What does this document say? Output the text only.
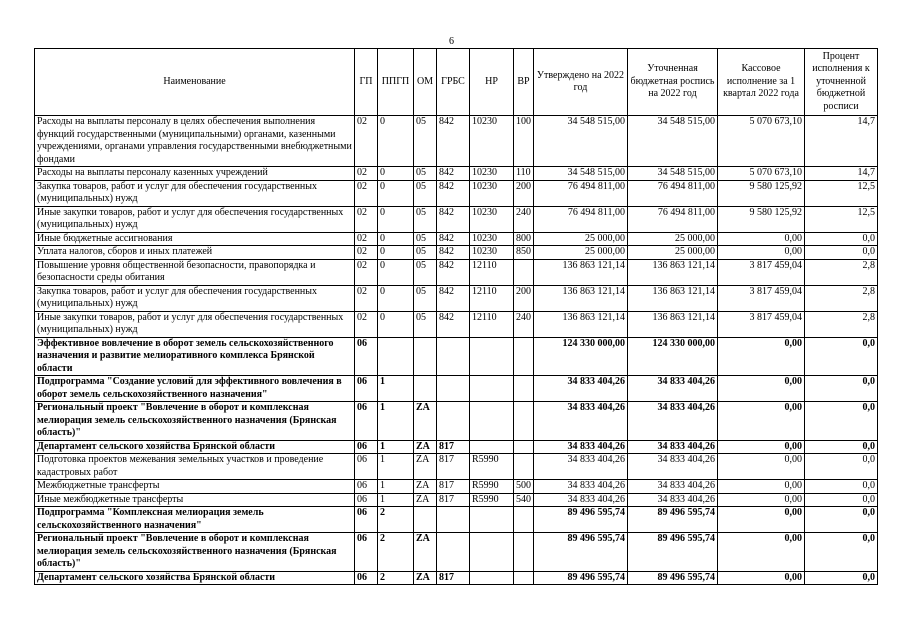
6
Наименование	ГП	ППГП	ОМ	ГРБС	НР	ВР	Утверждено на 2022 год	Уточненная бюджетная роспись на 2022 год	Кассовое исполнение за 1 квартал 2022 года	Процент исполнения к уточненной бюджетной росписи
Расходы на выплаты персоналу в целях обеспечения выполнения функций государственными (муниципальными) органами, казенными учреждениями, органами управления государственными внебюджетными фондами	02	0	05	842	10230	100	34 548 515,00	34 548 515,00	5 070 673,10	14,7
Расходы на выплаты персоналу казенных учреждений	02	0	05	842	10230	110	34 548 515,00	34 548 515,00	5 070 673,10	14,7
Закупка товаров, работ и услуг для обеспечения государственных (муниципальных) нужд	02	0	05	842	10230	200	76 494 811,00	76 494 811,00	9 580 125,92	12,5
Иные закупки товаров, работ и услуг для обеспечения государственных (муниципальных) нужд	02	0	05	842	10230	240	76 494 811,00	76 494 811,00	9 580 125,92	12,5
Иные бюджетные ассигнования	02	0	05	842	10230	800	25 000,00	25 000,00	0,00	0,0
Уплата налогов, сборов и иных платежей	02	0	05	842	10230	850	25 000,00	25 000,00	0,00	0,0
Повышение уровня общественной безопасности, правопорядка и безопасности среды обитания	02	0	05	842	12110		136 863 121,14	136 863 121,14	3 817 459,04	2,8
Закупка товаров, работ и услуг для обеспечения государственных (муниципальных) нужд	02	0	05	842	12110	200	136 863 121,14	136 863 121,14	3 817 459,04	2,8
Иные закупки товаров, работ и услуг для обеспечения государственных (муниципальных) нужд	02	0	05	842	12110	240	136 863 121,14	136 863 121,14	3 817 459,04	2,8
Эффективное вовлечение в оборот земель сельскохозяйственного назначения и развитие мелиоративного комплекса Брянской области	06						124 330 000,00	124 330 000,00	0,00	0,0
Подпрограмма "Создание условий для эффективного вовлечения в оборот земель сельскохозяйственного назначения"	06	1					34 833 404,26	34 833 404,26	0,00	0,0
Региональный проект "Вовлечение в оборот и комплексная мелиорация земель сельскохозяйственного назначения (Брянская область)"	06	1	ZA				34 833 404,26	34 833 404,26	0,00	0,0
Департамент сельского хозяйства Брянской области	06	1	ZA	817			34 833 404,26	34 833 404,26	0,00	0,0
Подготовка проектов межевания земельных участков и проведение кадастровых работ	06	1	ZA	817	R5990		34 833 404,26	34 833 404,26	0,00	0,0
Межбюджетные трансферты	06	1	ZA	817	R5990	500	34 833 404,26	34 833 404,26	0,00	0,0
Иные межбюджетные трансферты	06	1	ZA	817	R5990	540	34 833 404,26	34 833 404,26	0,00	0,0
Подпрограмма "Комплексная мелиорация земель сельскохозяйственного назначения"	06	2					89 496 595,74	89 496 595,74	0,00	0,0
Региональный проект "Вовлечение в оборот и комплексная мелиорация земель сельскохозяйственного назначения (Брянская область)"	06	2	ZA				89 496 595,74	89 496 595,74	0,00	0,0
Департамент сельского хозяйства Брянской области	06	2	ZA	817			89 496 595,74	89 496 595,74	0,00	0,0
